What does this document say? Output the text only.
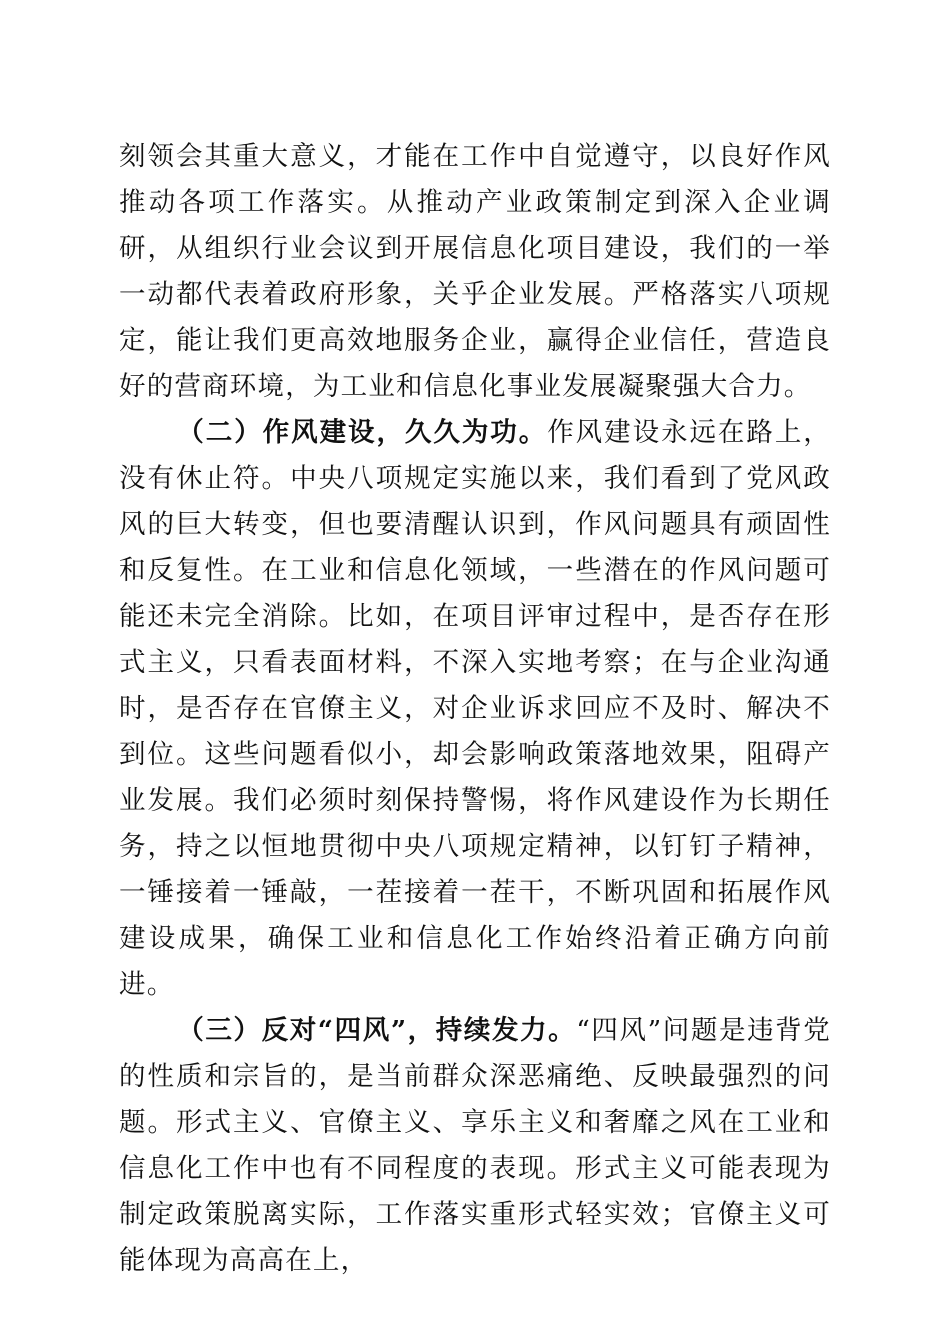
刻领会其重大意义，才能在工作中自觉遵守，以良好作风推动各项工作落实。从推动产业政策制定到深入企业调研，从组织行业会议到开展信息化项目建设，我们的一举一动都代表着政府形象，关乎企业发展。严格落实八项规定，能让我们更高效地服务企业，赢得企业信任，营造良好的营商环境，为工业和信息化事业发展凝聚强大合力。

（二）作风建设，久久为功。作风建设永远在路上，没有休止符。中央八项规定实施以来，我们看到了党风政风的巨大转变，但也要清醒认识到，作风问题具有顽固性和反复性。在工业和信息化领域，一些潜在的作风问题可能还未完全消除。比如，在项目评审过程中，是否存在形式主义，只看表面材料，不深入实地考察；在与企业沟通时，是否存在官僚主义，对企业诉求回应不及时、解决不到位。这些问题看似小，却会影响政策落地效果，阻碍产业发展。我们必须时刻保持警惕，将作风建设作为长期任务，持之以恒地贯彻中央八项规定精神，以钉钉子精神，一锤接着一锤敲，一茬接着一茬干，不断巩固和拓展作风建设成果，确保工业和信息化工作始终沿着正确方向前进。

（三）反对“四风”，持续发力。“四风”问题是违背党的性质和宗旨的，是当前群众深恶痛绝、反映最强烈的问题。形式主义、官僚主义、享乐主义和奢靡之风在工业和信息化工作中也有不同程度的表现。形式主义可能表现为制定政策脱离实际，工作落实重形式轻实效；官僚主义可能体现为高高在上，
